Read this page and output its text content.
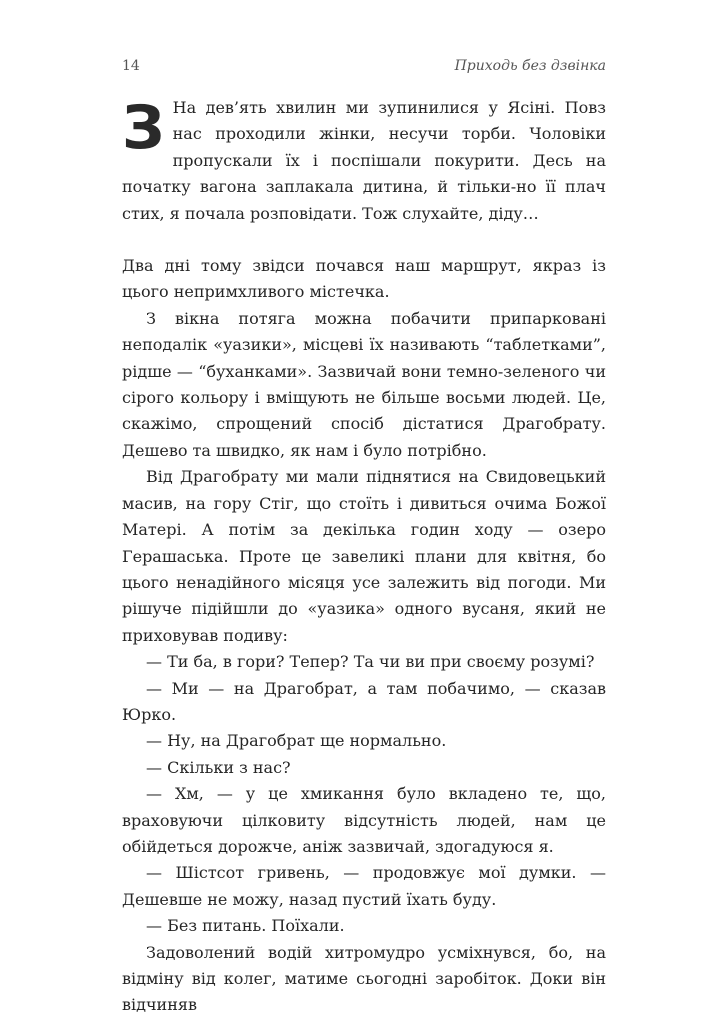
14	Приходь без дзвінка

З На дев’ять хвилин ми зупинилися у Ясіні. Повз нас проходили жінки, несучи торби. Чоловіки пропускали їх і поспішали покурити. Десь на початку вагона заплакала дитина, й тільки-но її плач стих, я почала розповідати. Тож слухайте, діду…

Два дні тому звідси почався наш маршрут, якраз із цього непримхливого містечка.

З вікна потяга можна побачити припарковані неподалік «уазики», місцеві їх називають “таблетками”, рідше — “буханками». Зазвичай вони темно-зеленого чи сірого кольору і вміщують не більше восьми людей. Це, скажімо, спрощений спосіб дістатися Драгобрату. Дешево та швидко, як нам і було потрібно.

Від Драгобрату ми мали піднятися на Свидовецький масив, на гору Стіг, що стоїть і дивиться очима Божої Матері. А потім за декілька годин ходу — озеро Герашаська. Проте це завеликі плани для квітня, бо цього ненадійного місяця усе залежить від погоди. Ми рішуче підійшли до «уазика» одного вусаня, який не приховував подиву:

— Ти ба, в гори? Тепер? Та чи ви при своєму розумі?

— Ми — на Драгобрат, а там побачимо, — сказав Юрко.

— Ну, на Драгобрат ще нормально.

— Скільки з нас?

— Хм, — у це хмикання було вкладено те, що, враховуючи цілковиту відсутність людей, нам це обійдеться дорожче, аніж зазвичай, здогадуюся я.

— Шістсот гривень, — продовжує мої думки. — Дешевше не можу, назад пустий їхать буду.

— Без питань. Поїхали.

Задоволений водій хитромудро усміхнувся, бо, на відміну від колег, матиме сьогодні заробіток. Доки він відчиняв
